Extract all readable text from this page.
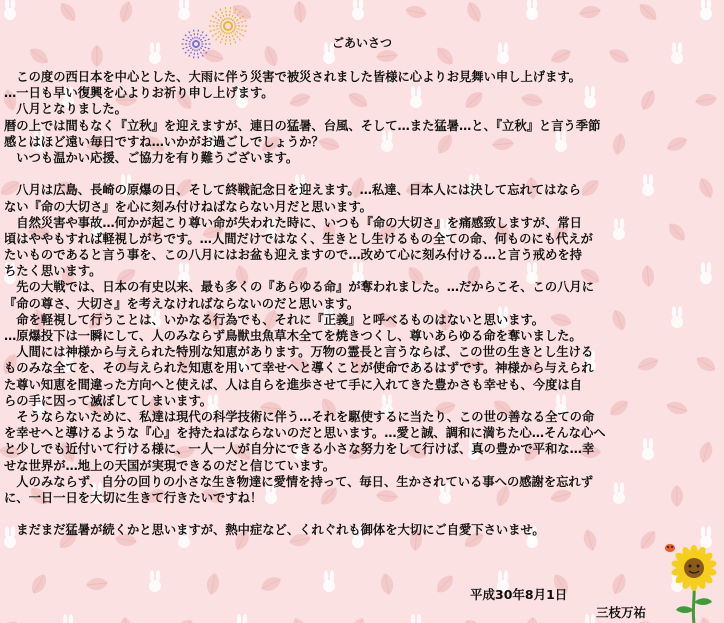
ごあいさつ
　この度の西日本を中心とした、大雨に伴う災害で被災されました皆様に心よりお見舞い申し上げます。
…一日も早い復興を心よりお祈り申し上げます。
　八月となりました。
暦の上では間もなく『立秋』を迎えますが、連日の猛暑、台風、そして…また猛暑…と、『立秋』と言う季節
感とはほど遠い毎日ですね…いかがお過ごしでしょうか？
　いつも温かい応援、ご協力を有り難うございます。
　八月は広島、長崎の原爆の日、そして終戦記念日を迎えます。…私達、日本人には決して忘れてはなら
ない『命の大切さ』を心に刻み付けねばならない月だと思います。
　自然災害や事故…何かが起こり尊い命が失われた時に、いつも『命の大切さ』を痛感致しますが、常日
頃はややもすれば軽視しがちです。…人間だけではなく、生きとし生けるもの全ての命、何ものにも代えが
たいものであると言う事を、この八月にはお盆も迎えますので…改めて心に刻み付ける…と言う戒めを持
ちたく思います。
　先の大戦では、日本の有史以来、最も多くの『あらゆる命』が奪われました。…だからこそ、この八月に
『命の尊さ、大切さ』を考えなければならないのだと思います。
　命を軽視して行うことは、いかなる行為でも、それに『正義』と呼べるものはないと思います。
…原爆投下は一瞬にして、人のみならず鳥獣虫魚草木全てを焼きつくし、尊いあらゆる命を奪いました。
　人間には神様から与えられた特別な知恵があります。万物の霊長と言うならば、この世の生きとし生ける
ものみな全てを、その与えられた知恵を用いて幸せへと導くことが使命であるはずです。神様から与えられ
た尊い知恵を間違った方向へと使えば、人は自らを進歩させて手に入れてきた豊かさも幸せも、今度は自
らの手に因って滅ぼしてしまいます。
　そうならないために、私達は現代の科学技術に伴う…それを駆使するに当たり、この世の善なる全ての命
を幸せへと導けるような『心』を持たねばならないのだと思います。…愛と誠、調和に満ちた心…そんな心へ
と少しでも近付いて行ける様に、一人一人が自分にできる小さな努力をして行けば、真の豊かで平和な…幸
せな世界が…地上の天国が実現できるのだと信じています。
　人のみならず、自分の回りの小さな生き物達に愛情を持って、毎日、生かされている事への感謝を忘れず
に、一日一日を大切に生きて行きたいですね！
　まだまだ猛暑が続くかと思いますが、熱中症など、くれぐれも御体を大切にご自愛下さいませ。
平成30年8月1日
三枝万祐
